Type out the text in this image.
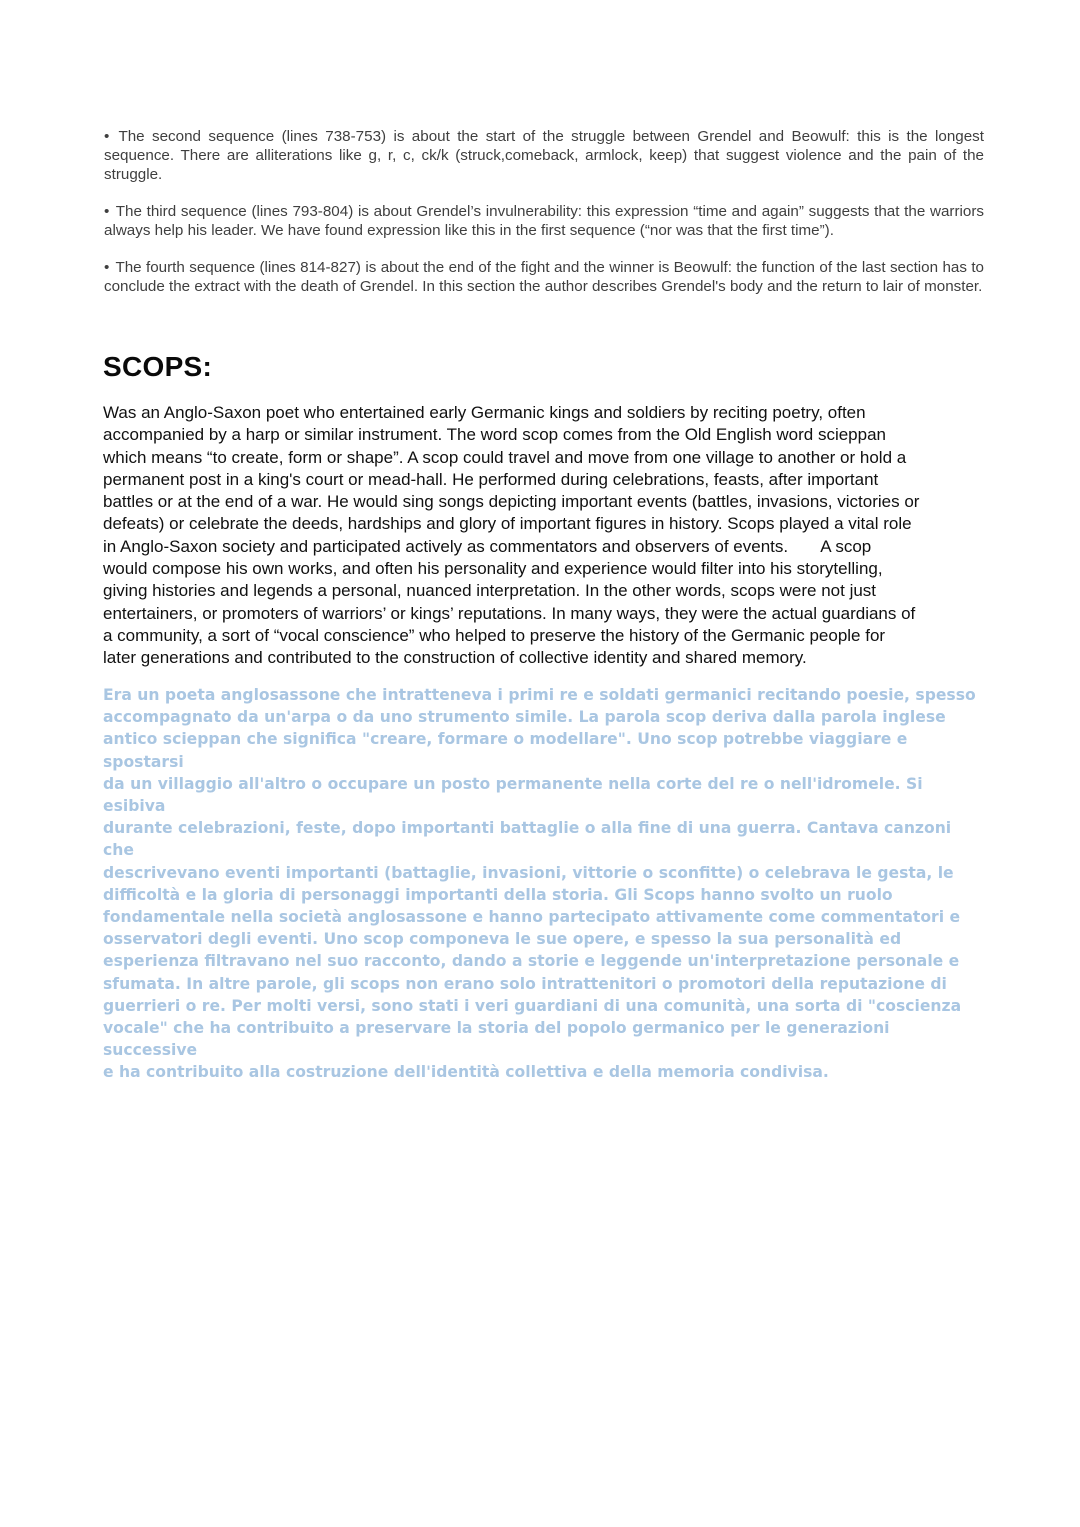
• The second sequence (lines 738-753) is about the start of the struggle between Grendel and Beowulf: this is the longest sequence. There are alliterations like g, r, c, ck/k (struck,comeback, armlock, keep) that suggest violence and the pain of the struggle.

• The third sequence (lines 793-804) is about Grendel’s invulnerability: this expression “time and again” suggests that the warriors always help his leader. We have found expression like this in the first sequence (“nor was that the first time”).

• The fourth sequence (lines 814-827) is about the end of the fight and the winner is Beowulf: the function of the last section has to conclude the extract with the death of Grendel. In this section the author describes Grendel's body and the return to lair of monster.

SCOPS:

Was an Anglo-Saxon poet who entertained early Germanic kings and soldiers by reciting poetry, often
accompanied by a harp or similar instrument. The word scop comes from the Old English word scieppan
which means “to create, form or shape”. A scop could travel and move from one village to another or hold a
permanent post in a king's court or mead-hall. He performed during celebrations, feasts, after important
battles or at the end of a war. He would sing songs depicting important events (battles, invasions, victories or
defeats) or celebrate the deeds, hardships and glory of important figures in history. Scops played a vital role
in Anglo-Saxon society and participated actively as commentators and observers of events.       A scop
would compose his own works, and often his personality and experience would filter into his storytelling,
giving histories and legends a personal, nuanced interpretation. In the other words, scops were not just
entertainers, or promoters of warriors’ or kings’ reputations. In many ways, they were the actual guardians of
a community, a sort of “vocal conscience” who helped to preserve the history of the Germanic people for
later generations and contributed to the construction of collective identity and shared memory.

Era un poeta anglosassone che intratteneva i primi re e soldati germanici recitando poesie, spesso
accompagnato da un'arpa o da uno strumento simile. La parola scop deriva dalla parola inglese
antico scieppan che significa "creare, formare o modellare". Uno scop potrebbe viaggiare e spostarsi
da un villaggio all'altro o occupare un posto permanente nella corte del re o nell'idromele. Si esibiva
durante celebrazioni, feste, dopo importanti battaglie o alla fine di una guerra. Cantava canzoni che
descrivevano eventi importanti (battaglie, invasioni, vittorie o sconfitte) o celebrava le gesta, le
difficoltà e la gloria di personaggi importanti della storia. Gli Scops hanno svolto un ruolo
fondamentale nella società anglosassone e hanno partecipato attivamente come commentatori e
osservatori degli eventi. Uno scop componeva le sue opere, e spesso la sua personalità ed
esperienza filtravano nel suo racconto, dando a storie e leggende un'interpretazione personale e
sfumata. In altre parole, gli scops non erano solo intrattenitori o promotori della reputazione di
guerrieri o re. Per molti versi, sono stati i veri guardiani di una comunità, una sorta di "coscienza
vocale" che ha contribuito a preservare la storia del popolo germanico per le generazioni successive
e ha contribuito alla costruzione dell'identità collettiva e della memoria condivisa.
